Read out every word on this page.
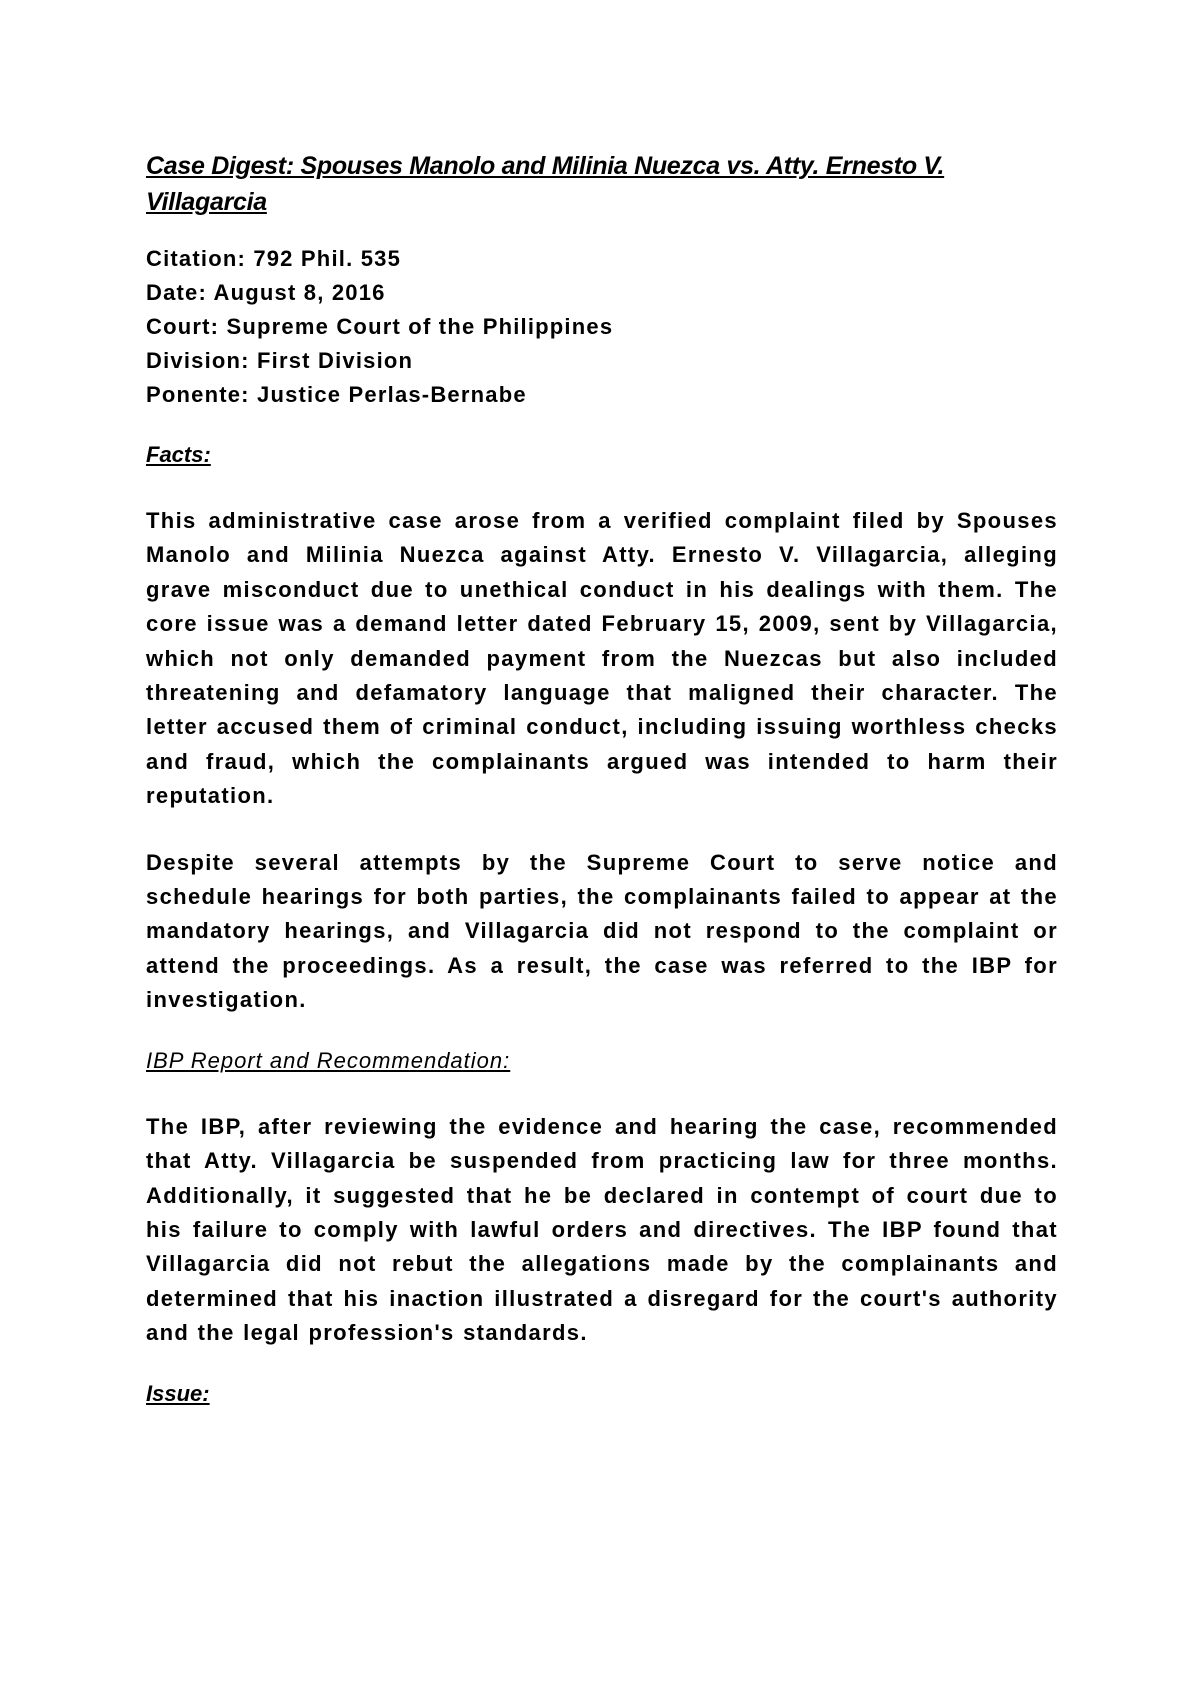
Case Digest: Spouses Manolo and Milinia Nuezca vs. Atty. Ernesto V. Villagarcia
Citation: 792 Phil. 535
Date: August 8, 2016
Court: Supreme Court of the Philippines
Division: First Division
Ponente: Justice Perlas-Bernabe
Facts:

This administrative case arose from a verified complaint filed by Spouses Manolo and Milinia Nuezca against Atty. Ernesto V. Villagarcia, alleging grave misconduct due to unethical conduct in his dealings with them. The core issue was a demand letter dated February 15, 2009, sent by Villagarcia, which not only demanded payment from the Nuezcas but also included threatening and defamatory language that maligned their character. The letter accused them of criminal conduct, including issuing worthless checks and fraud, which the complainants argued was intended to harm their reputation.

Despite several attempts by the Supreme Court to serve notice and schedule hearings for both parties, the complainants failed to appear at the mandatory hearings, and Villagarcia did not respond to the complaint or attend the proceedings. As a result, the case was referred to the IBP for investigation.

IBP Report and Recommendation:

The IBP, after reviewing the evidence and hearing the case, recommended that Atty. Villagarcia be suspended from practicing law for three months. Additionally, it suggested that he be declared in contempt of court due to his failure to comply with lawful orders and directives. The IBP found that Villagarcia did not rebut the allegations made by the complainants and determined that his inaction illustrated a disregard for the court's authority and the legal profession's standards.

Issue:
